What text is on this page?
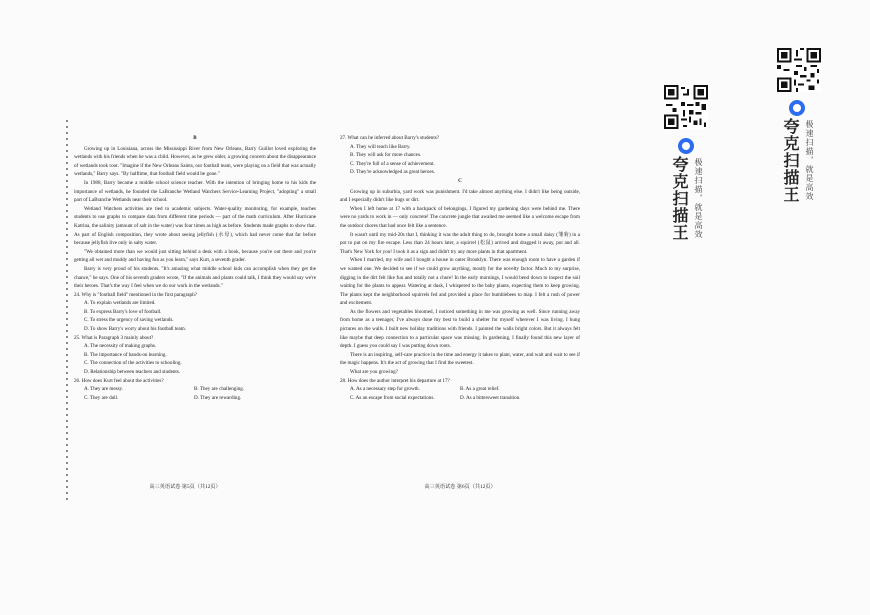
B

Growing up in Louisiana, across the Mississippi River from New Orleans, Barry Guillot loved exploring the wetlands with his friends when he was a child. However, as he grew older, a growing concern about the disappearance of wetlands took root. "Imagine if the New Orleans Saints, our football team, were playing on a field that was actually wetlands," Barry says. "By halftime, that football field would be gone."

In 1988, Barry became a middle school science teacher. With the intention of bringing home to his kids the importance of wetlands, he founded the LaBranche Wetland Watchers Service-Learning Project, "adopting" a small part of LaBranche Wetlands near their school.

Wetland Watchers activities are tied to academic subjects. Water-quality monitoring, for example, teaches students to use graphs to compare data from different time periods — part of the math curriculum. After Hurricane Katrina, the salinity (amount of salt in the water) was four times as high as before. Students made graphs to show that. As part of English composition, they wrote about seeing jellyfish (水母), which had never come that far before because jellyfish live only in salty water.

"We obtained more than we would just sitting behind a desk with a book, because you're out there and you're getting all wet and muddy and having fun as you learn," says Kurt, a seventh grader.

Barry is very proud of his students. "It's amazing what middle school kids can accomplish when they get the chance," he says. One of his seventh graders wrote, "If the animals and plants could talk, I think they would say we're their heroes. That's the way I feel when we do our work in the wetlands."

24. Why is "football field" mentioned in the first paragraph?

A. To explain wetlands are limited.

B. To express Barry's love of football.

C. To stress the urgency of saving wetlands.

D. To show Barry's worry about his football team.

25. What is Paragraph 3 mainly about?

A. The necessity of making graphs.

B. The importance of hands-on learning.

C. The connection of the activities to schooling.

D. Relationship between teachers and students.

26. How does Kurt feel about the activities?

A. They are messy.	B. They are challenging.
C. They are dull.	D. They are rewarding.
高三英语试卷 第5页（共12页）

27. What can be inferred about Barry's students?

A. They will teach like Barry.

B. They will ask for more chances.

C. They're full of a sense of achievement.

D. They're acknowledged as great heroes.

C

Growing up in suburbia, yard work was punishment. I'd take almost anything else. I didn't like being outside, and I especially didn't like bugs or dirt.

When I left home at 17 with a backpack of belongings, I figured my gardening days were behind me. There were no yards to work in — only concrete! The concrete jungle that awaited me seemed like a welcome escape from the outdoor chores that had once felt like a sentence.

It wasn't until my mid-20s that I, thinking it was the adult thing to do, brought home a small daisy (雏菊) in a pot to put on my fire escape. Less than 24 hours later, a squirrel (松鼠) arrived and dragged it away, pot and all. That's New York for you! I took it as a sign and didn't try any more plants in that apartment.

When I married, my wife and I bought a house in outer Brooklyn. There was enough room to have a garden if we wanted one. We decided to see if we could grow anything, mostly for the novelty factor. Much to my surprise, digging in the dirt felt like fun and totally not a chore! In the early mornings, I would bend down to inspect the soil waiting for the plants to appear. Watering at dusk, I whispered to the baby plants, expecting them to keep growing. The plants kept the neighborhood squirrels fed and provided a place for bumblebees to map. I felt a rush of power and excitement.

As the flowers and vegetables bloomed, I noticed something in me was growing as well. Since running away from home as a teenager, I've always done my best to build a shelter for myself wherever I was living. I hung pictures on the walls. I built new holiday traditions with friends. I painted the walls bright colors. But it always felt like maybe that deep connection to a particular space was missing. In gardening, I finally found this new layer of depth. I guess you could say I was putting down roots.

There is an inspiring, self-care practice in the time and energy it takes to plant, water, and wait and wait to see if the magic happens. It's the act of growing that I find the sweetest.

What are you growing?

28. How does the author interpret his departure at 17?

A. As a necessary step for growth.	B. As a great relief.
C. As an escape from social expectations.	D. As a bittersweet transition.
高三英语试卷 第6页（共12页）
夸克扫描王 极速扫描，就是高效	夸克扫描王 极速扫描，就是高效
